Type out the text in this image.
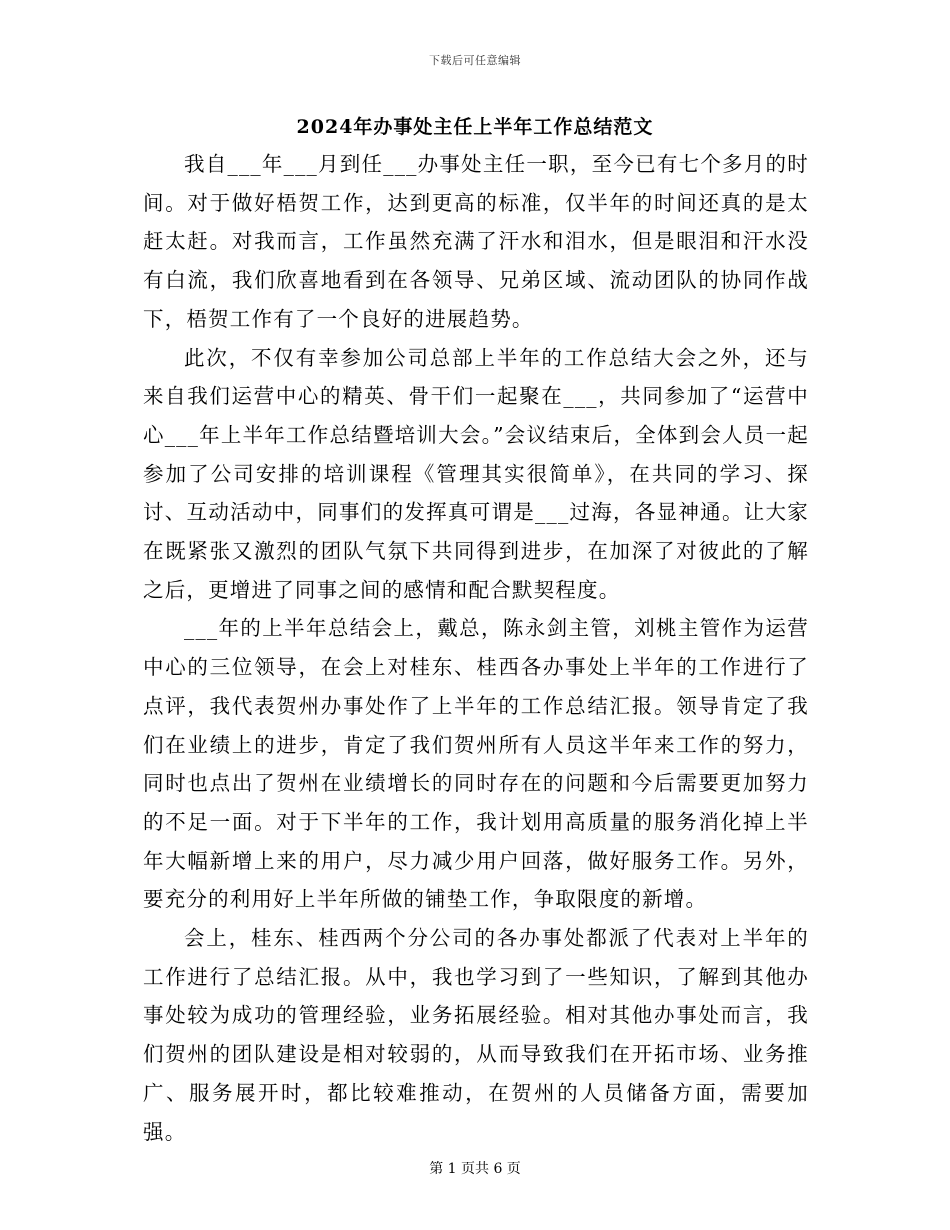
下载后可任意编辑
2024年办事处主任上半年工作总结范文

我自___年___月到任___办事处主任一职，至今已有七个多月的时间。对于做好梧贺工作，达到更高的标准，仅半年的时间还真的是太赶太赶。对我而言，工作虽然充满了汗水和泪水，但是眼泪和汗水没有白流，我们欣喜地看到在各领导、兄弟区域、流动团队的协同作战下，梧贺工作有了一个良好的进展趋势。

此次，不仅有幸参加公司总部上半年的工作总结大会之外，还与来自我们运营中心的精英、骨干们一起聚在___，共同参加了“运营中心___年上半年工作总结暨培训大会。”会议结束后，全体到会人员一起参加了公司安排的培训课程《管理其实很简单》，在共同的学习、探讨、互动活动中，同事们的发挥真可谓是___过海，各显神通。让大家在既紧张又激烈的团队气氛下共同得到进步，在加深了对彼此的了解之后，更增进了同事之间的感情和配合默契程度。

___年的上半年总结会上，戴总，陈永剑主管，刘桃主管作为运营中心的三位领导，在会上对桂东、桂西各办事处上半年的工作进行了点评，我代表贺州办事处作了上半年的工作总结汇报。领导肯定了我们在业绩上的进步，肯定了我们贺州所有人员这半年来工作的努力，同时也点出了贺州在业绩增长的同时存在的问题和今后需要更加努力的不足一面。对于下半年的工作，我计划用高质量的服务消化掉上半年大幅新增上来的用户，尽力减少用户回落，做好服务工作。另外，要充分的利用好上半年所做的铺垫工作，争取限度的新增。

会上，桂东、桂西两个分公司的各办事处都派了代表对上半年的工作进行了总结汇报。从中，我也学习到了一些知识，了解到其他办事处较为成功的管理经验，业务拓展经验。相对其他办事处而言，我们贺州的团队建设是相对较弱的，从而导致我们在开拓市场、业务推广、服务展开时，都比较难推动，在贺州的人员储备方面，需要加强。

第 1 页共 6 页
